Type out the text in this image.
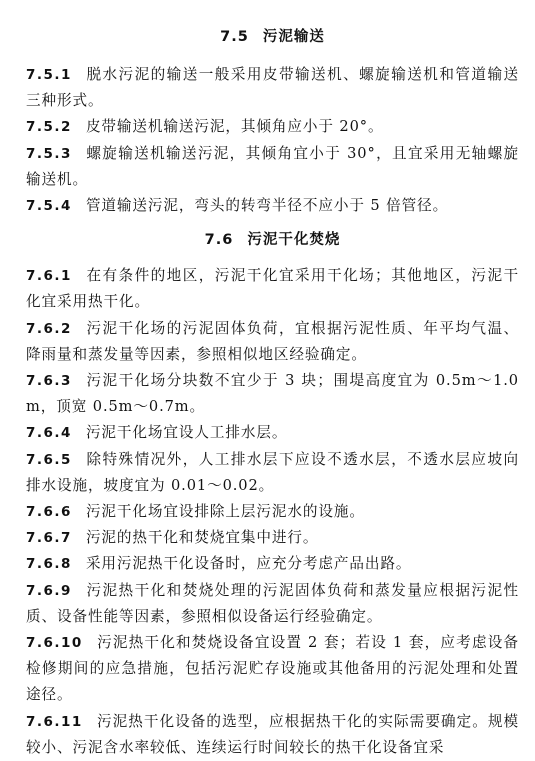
7.5 污泥输送

7.5.1 脱水污泥的输送一般采用皮带输送机、螺旋输送机和管道输送三种形式。

7.5.2 皮带输送机输送污泥，其倾角应小于 20°。

7.5.3 螺旋输送机输送污泥，其倾角宜小于 30°，且宜采用无轴螺旋输送机。

7.5.4 管道输送污泥，弯头的转弯半径不应小于 5 倍管径。

7.6 污泥干化焚烧

7.6.1 在有条件的地区，污泥干化宜采用干化场；其他地区，污泥干化宜采用热干化。

7.6.2 污泥干化场的污泥固体负荷，宜根据污泥性质、年平均气温、降雨量和蒸发量等因素，参照相似地区经验确定。

7.6.3 污泥干化场分块数不宜少于 3 块；围堤高度宜为 0.5m～1.0m，顶宽 0.5m～0.7m。

7.6.4 污泥干化场宜设人工排水层。

7.6.5 除特殊情况外，人工排水层下应设不透水层，不透水层应坡向排水设施，坡度宜为 0.01～0.02。

7.6.6 污泥干化场宜设排除上层污泥水的设施。

7.6.7 污泥的热干化和焚烧宜集中进行。

7.6.8 采用污泥热干化设备时，应充分考虑产品出路。

7.6.9 污泥热干化和焚烧处理的污泥固体负荷和蒸发量应根据污泥性质、设备性能等因素，参照相似设备运行经验确定。

7.6.10 污泥热干化和焚烧设备宜设置 2 套；若设 1 套，应考虑设备检修期间的应急措施，包括污泥贮存设施或其他备用的污泥处理和处置途径。

7.6.11 污泥热干化设备的选型，应根据热干化的实际需要确定。规模较小、污泥含水率较低、连续运行时间较长的热干化设备宜采
